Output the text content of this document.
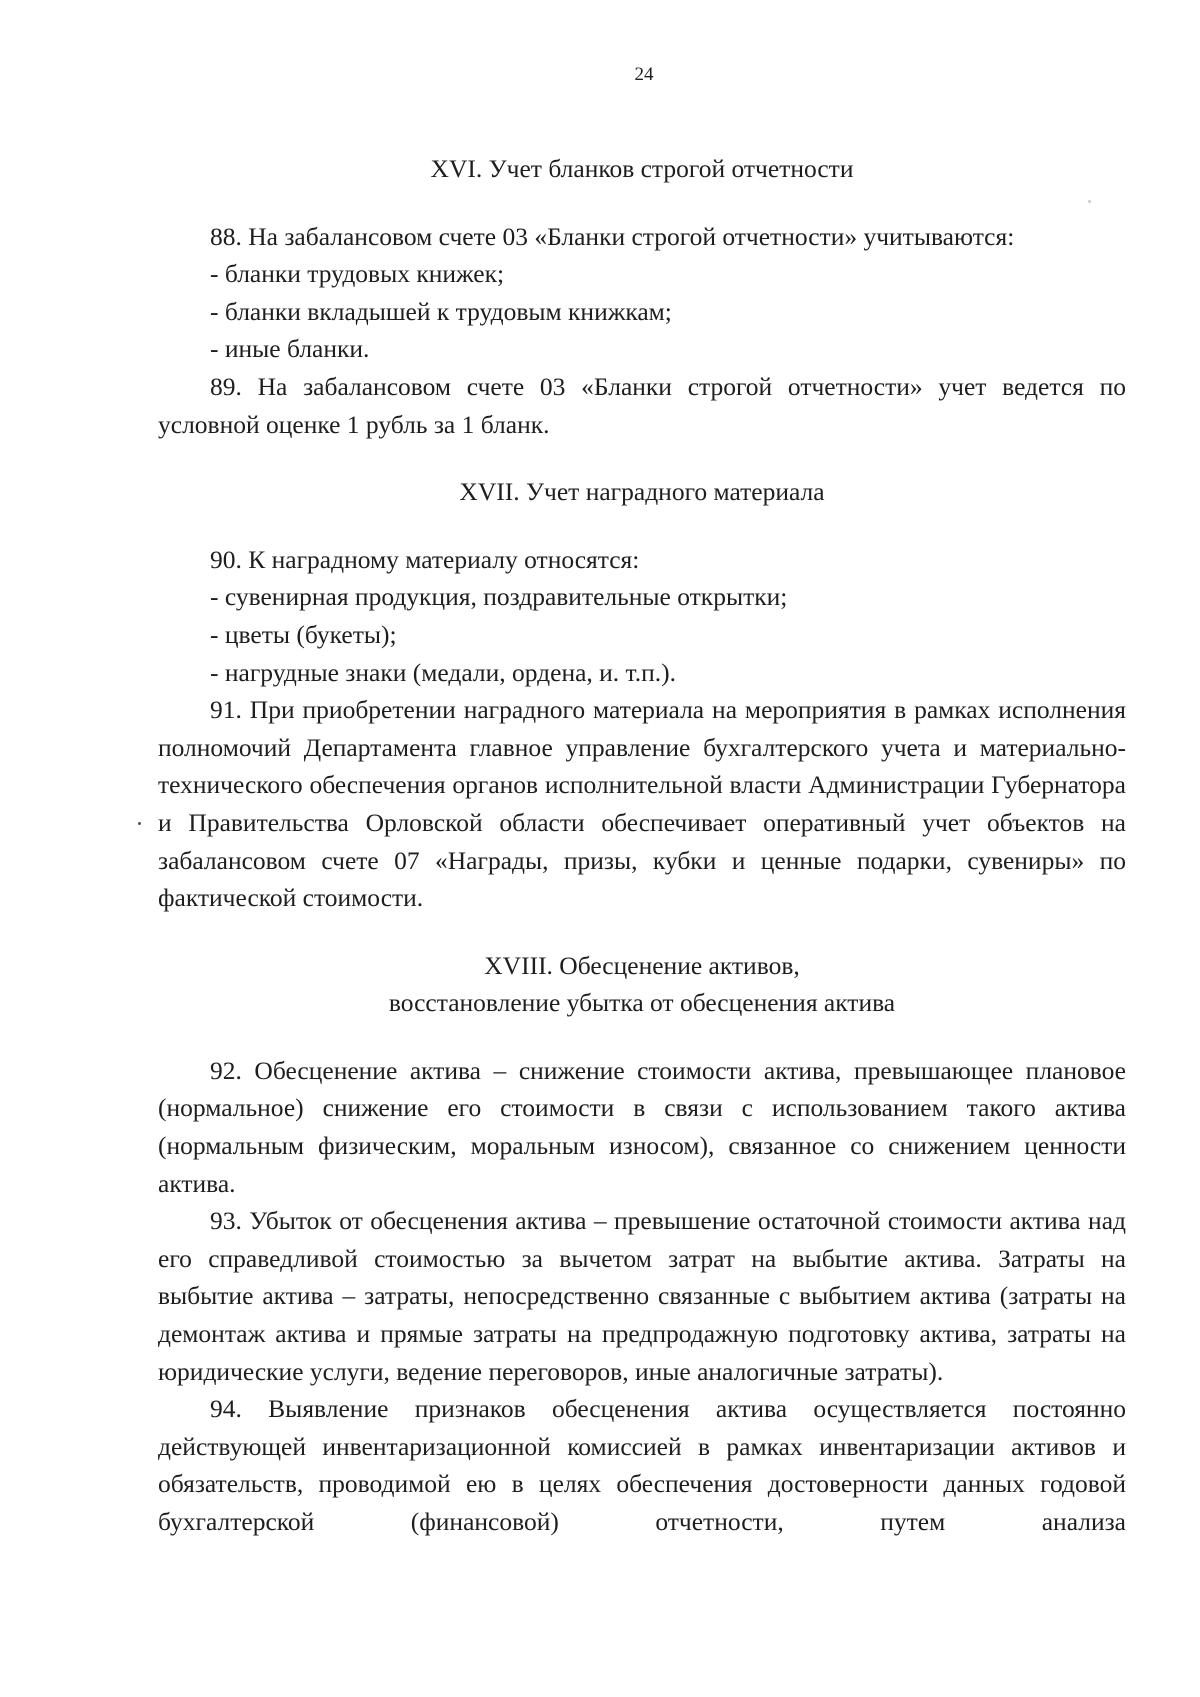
24
XVI. Учет бланков строгой отчетности

88. На забалансовом счете 03 «Бланки строгой отчетности» учитываются:

- бланки трудовых книжек;

- бланки вкладышей к трудовым книжкам;

- иные бланки.

89. На забалансовом счете 03 «Бланки строгой отчетности» учет ведется по условной оценке 1 рубль за 1 бланк.

XVII. Учет наградного материала

90. К наградному материалу относятся:

- сувенирная продукция, поздравительные открытки;

- цветы (букеты);

- нагрудные знаки (медали, ордена, и. т.п.).

91. При приобретении наградного материала на мероприятия в рамках исполнения полномочий Департамента главное управление бухгалтерского учета и материально-технического обеспечения органов исполнительной власти Администрации Губернатора и Правительства Орловской области обеспечивает оперативный учет объектов на забалансовом счете 07 «Награды, призы, кубки и ценные подарки, сувениры» по фактической стоимости.

XVIII. Обесценение активов,
восстановление убытка от обесценения актива

92. Обесценение актива – снижение стоимости актива, превышающее плановое (нормальное) снижение его стоимости в связи с использованием такого актива (нормальным физическим, моральным износом), связанное со снижением ценности актива.

93. Убыток от обесценения актива – превышение остаточной стоимости актива над его справедливой стоимостью за вычетом затрат на выбытие актива. Затраты на выбытие актива – затраты, непосредственно связанные с выбытием актива (затраты на демонтаж актива и прямые затраты на предпродажную подготовку актива, затраты на юридические услуги, ведение переговоров, иные аналогичные затраты).

94. Выявление признаков обесценения актива осуществляется постоянно действующей инвентаризационной комиссией в рамках инвентаризации активов и обязательств, проводимой ею в целях обеспечения достоверности данных годовой бухгалтерской (финансовой) отчетности, путем анализа
